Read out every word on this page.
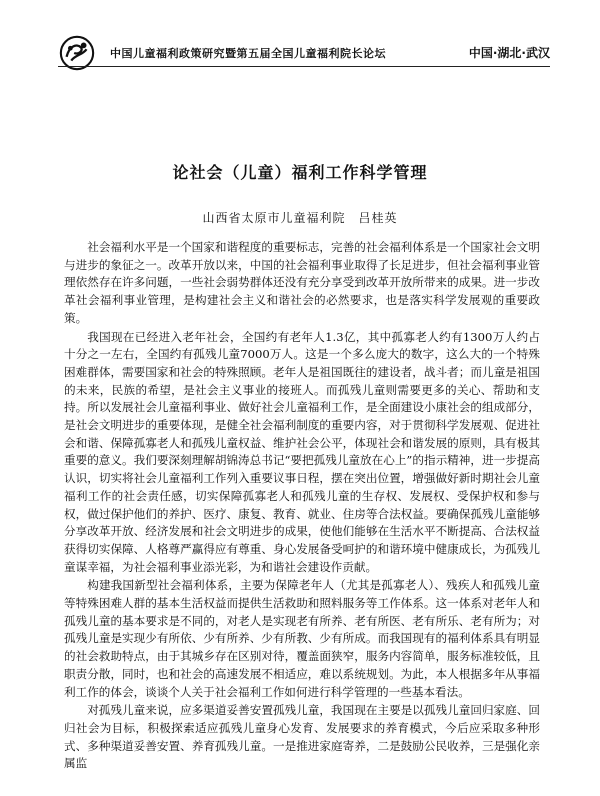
中国儿童福利政策研究暨第五届全国儿童福利院长论坛	中国·湖北·武汉
论社会（儿童）福利工作科学管理
山西省太原市儿童福利院　吕桂英

社会福利水平是一个国家和谐程度的重要标志，完善的社会福利体系是一个国家社会文明与进步的象征之一。改革开放以来，中国的社会福利事业取得了长足进步，但社会福利事业管理依然存在许多问题，一些社会弱势群体还没有充分享受到改革开放所带来的成果。进一步改革社会福利事业管理，是构建社会主义和谐社会的必然要求，也是落实科学发展观的重要政策。

我国现在已经进入老年社会，全国约有老年人1.3亿，其中孤寡老人约有1300万人约占十分之一左右，全国约有孤残儿童7000万人。这是一个多么庞大的数字，这么大的一个特殊困难群体，需要国家和社会的特殊照顾。老年人是祖国既往的建设者，战斗者；而儿童是祖国的未来，民族的希望，是社会主义事业的接班人。而孤残儿童则需要更多的关心、帮助和支持。所以发展社会儿童福利事业、做好社会儿童福利工作，是全面建设小康社会的组成部分，是社会文明进步的重要体现，是健全社会福利制度的重要内容，对于贯彻科学发展观、促进社会和谐、保障孤寡老人和孤残儿童权益、维护社会公平，体现社会和谐发展的原则，具有极其重要的意义。我们要深刻理解胡锦涛总书记“要把孤残儿童放在心上”的指示精神，进一步提高认识，切实将社会儿童福利工作列入重要议事日程，摆在突出位置，增强做好新时期社会儿童福利工作的社会责任感，切实保障孤寡老人和孤残儿童的生存权、发展权、受保护权和参与权，做过保护他们的养护、医疗、康复、教育、就业、住房等合法权益。要确保孤残儿童能够分享改革开放、经济发展和社会文明进步的成果，使他们能够在生活水平不断提高、合法权益获得切实保障、人格尊严赢得应有尊重、身心发展备受呵护的和谐环境中健康成长，为孤残儿童谋幸福，为社会福利事业添光彩，为和谐社会建设作贡献。

构建我国新型社会福利体系，主要为保障老年人（尤其是孤寡老人）、残疾人和孤残儿童等特殊困难人群的基本生活权益而提供生活救助和照料服务等工作体系。这一体系对老年人和孤残儿童的基本要求是不同的，对老人是实现老有所养、老有所医、老有所乐、老有所为；对孤残儿童是实现少有所依、少有所养、少有所教、少有所成。而我国现有的福利体系具有明显的社会救助特点，由于其城乡存在区别对待，覆盖面狭窄，服务内容简单，服务标准较低，且职责分散，同时，也和社会的高速发展不相适应，难以系统规划。为此，本人根据多年从事福利工作的体会，谈谈个人关于社会福利工作如何进行科学管理的一些基本看法。

对孤残儿童来说，应多渠道妥善安置孤残儿童，我国现在主要是以孤残儿童回归家庭、回归社会为目标，积极探索适应孤残儿童身心发育、发展要求的养育模式，今后应采取多种形式、多种渠道妥善安置、养育孤残儿童。一是推进家庭寄养，二是鼓励公民收养，三是强化亲属监
